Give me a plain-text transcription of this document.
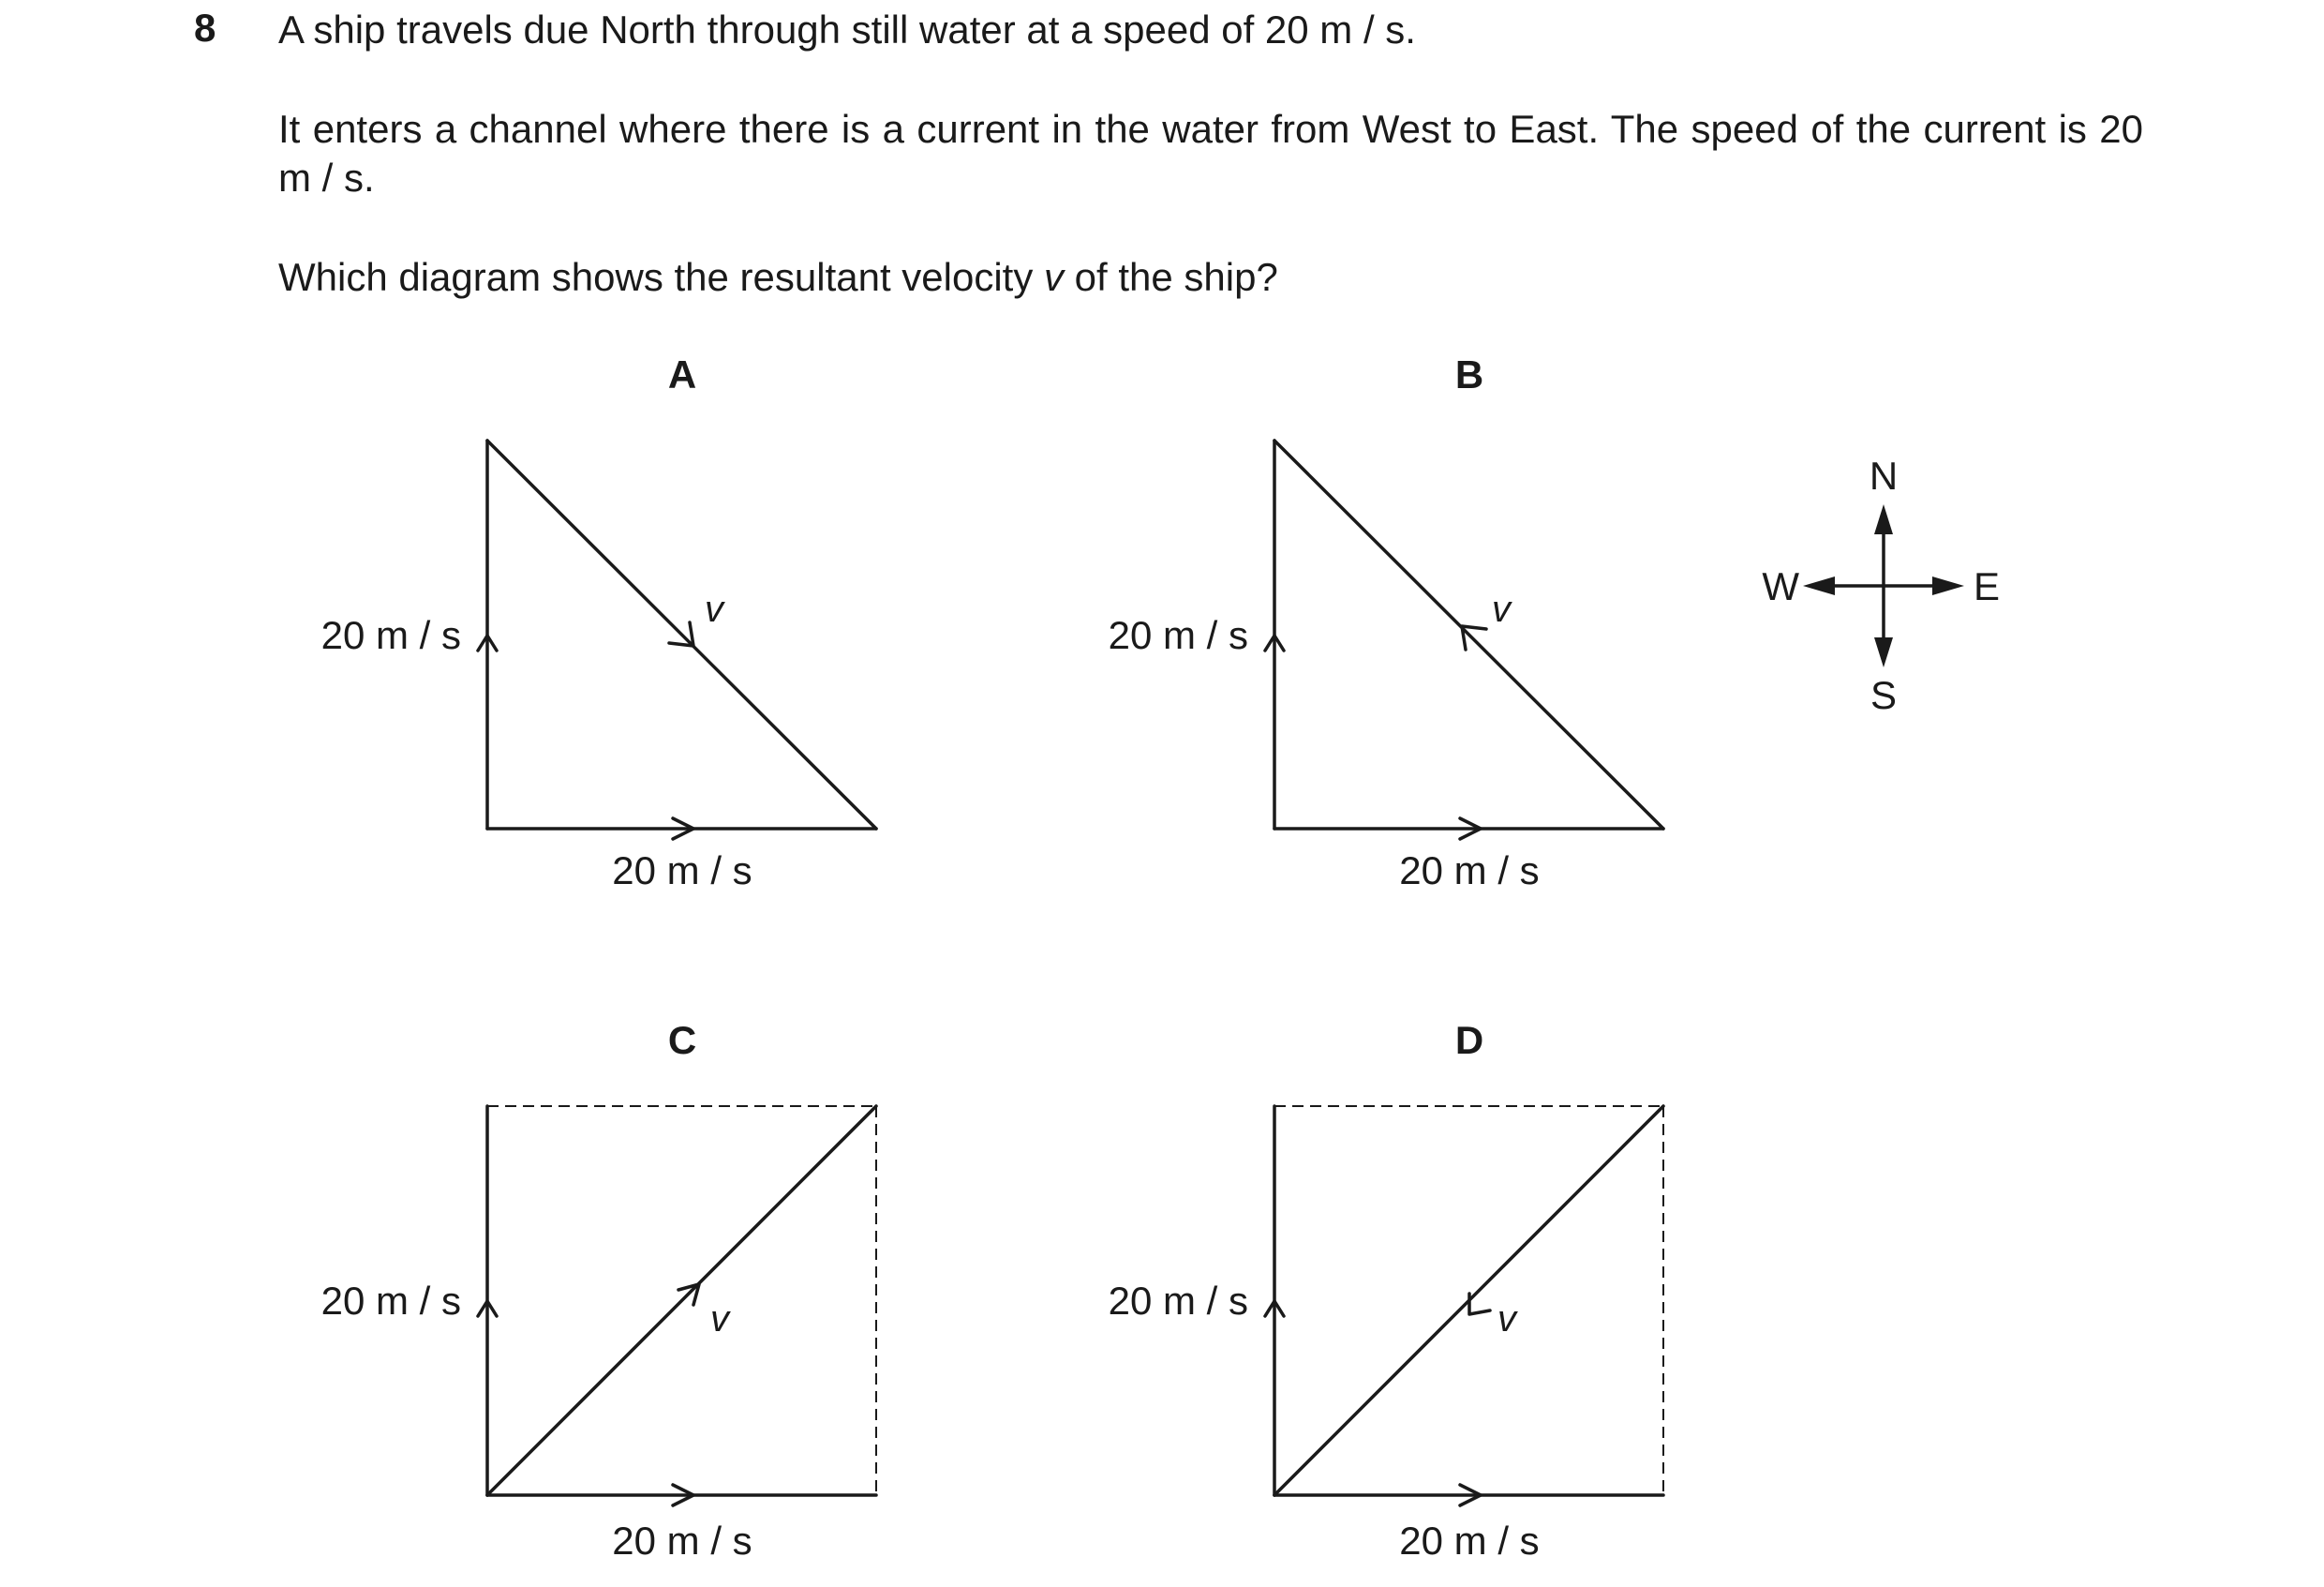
8 A ship travels due North through still water at a speed of 20 m / s.

It enters a channel where there is a current in the water from West to East. The speed of the current is 20 m / s.

Which diagram shows the resultant velocity v of the ship?

A
20 m / s
20 m / s
v
B
20 m / s
20 m / s
v
C
20 m / s
20 m / s
v
D
20 m / s
20 m / s
v
N
S
W	E
